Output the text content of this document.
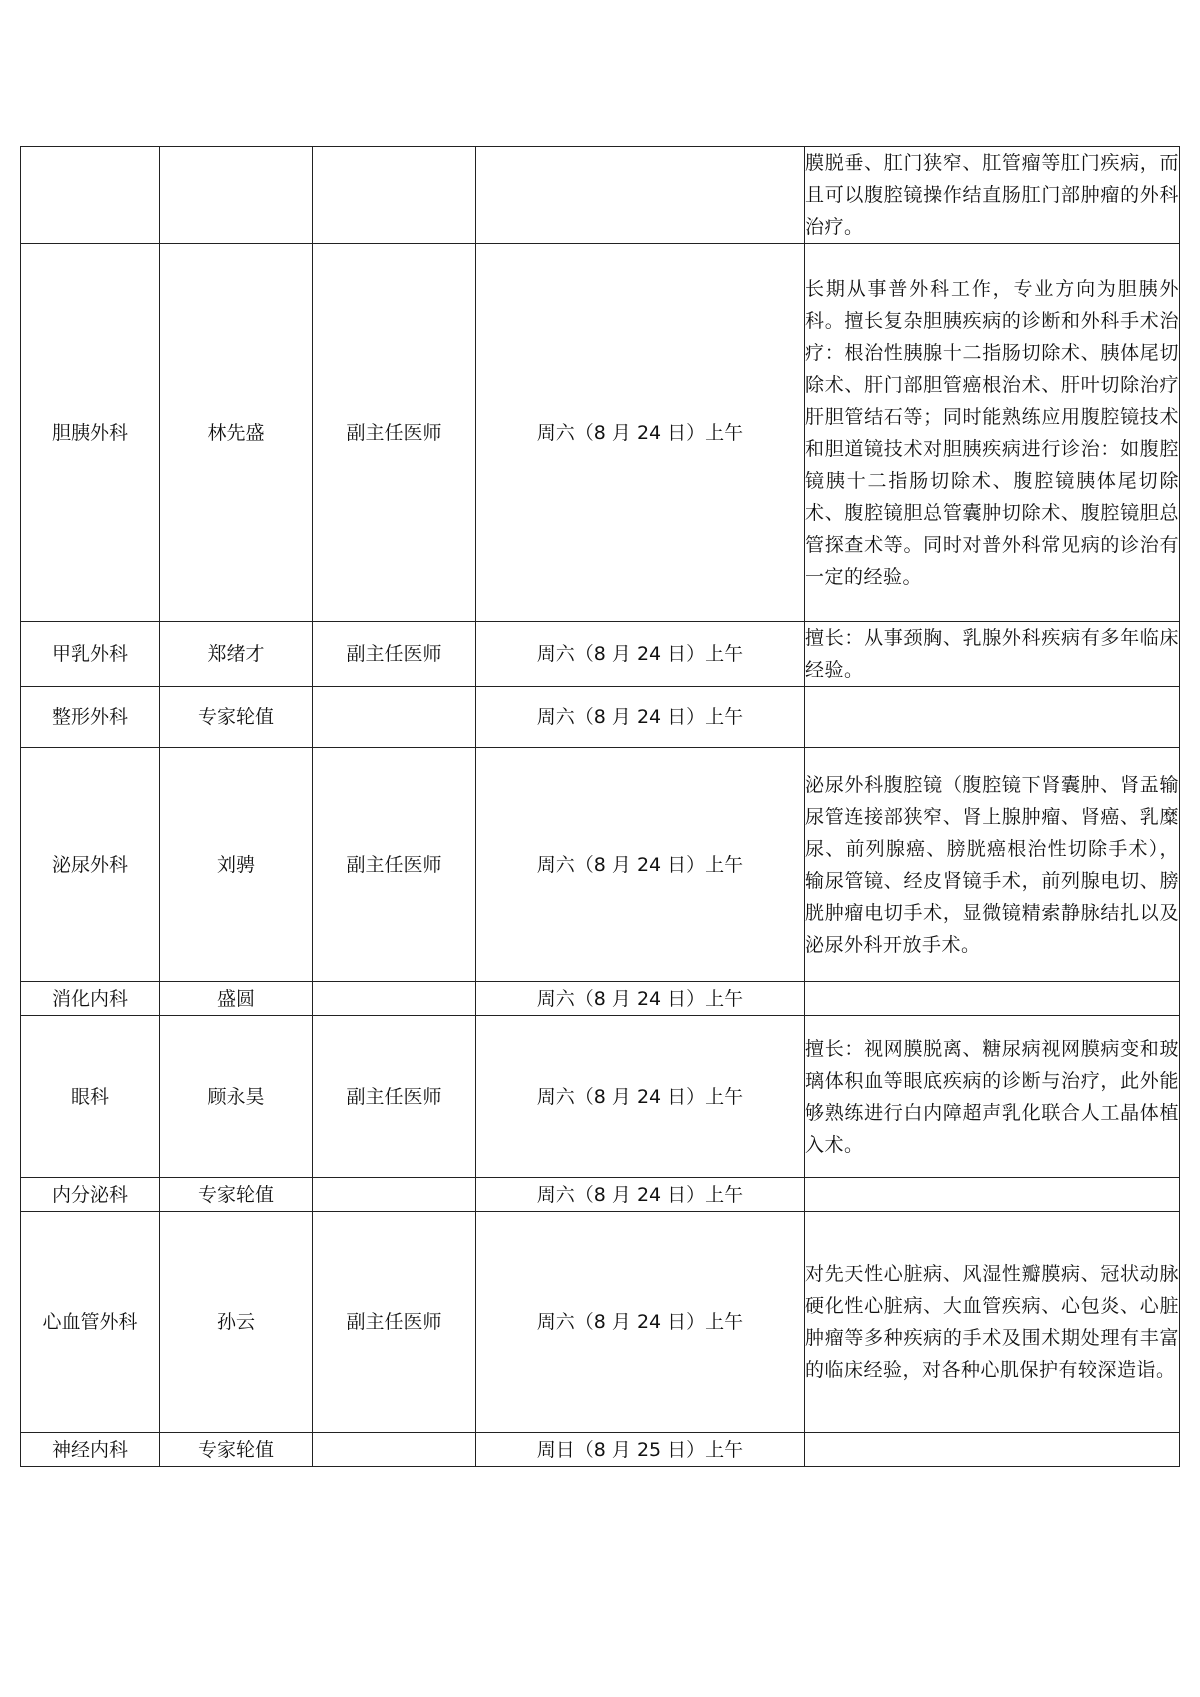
				膜脱垂、肛门狭窄、肛管瘤等肛门疾病，而且可以腹腔镜操作结直肠肛门部肿瘤的外科治疗。

胆胰外科	林先盛	副主任医师	周六（8 月 24 日）上午	长期从事普外科工作，专业方向为胆胰外科。擅长复杂胆胰疾病的诊断和外科手术治疗：根治性胰腺十二指肠切除术、胰体尾切除术、肝门部胆管癌根治术、肝叶切除治疗肝胆管结石等；同时能熟练应用腹腔镜技术和胆道镜技术对胆胰疾病进行诊治：如腹腔镜胰十二指肠切除术、腹腔镜胰体尾切除术、腹腔镜胆总管囊肿切除术、腹腔镜胆总管探查术等。同时对普外科常见病的诊治有一定的经验。

甲乳外科	郑绪才	副主任医师	周六（8 月 24 日）上午	擅长：从事颈胸、乳腺外科疾病有多年临床经验。

整形外科	专家轮值		周六（8 月 24 日）上午	

泌尿外科	刘骋	副主任医师	周六（8 月 24 日）上午	泌尿外科腹腔镜（腹腔镜下肾囊肿、肾盂输尿管连接部狭窄、肾上腺肿瘤、肾癌、乳糜尿、前列腺癌、膀胱癌根治性切除手术），输尿管镜、经皮肾镜手术，前列腺电切、膀胱肿瘤电切手术，显微镜精索静脉结扎以及泌尿外科开放手术。

消化内科	盛圆		周六（8 月 24 日）上午	

眼科	顾永昊	副主任医师	周六（8 月 24 日）上午	擅长：视网膜脱离、糖尿病视网膜病变和玻璃体积血等眼底疾病的诊断与治疗，此外能够熟练进行白内障超声乳化联合人工晶体植入术。

内分泌科	专家轮值		周六（8 月 24 日）上午	

心血管外科	孙云	副主任医师	周六（8 月 24 日）上午	对先天性心脏病、风湿性瓣膜病、冠状动脉硬化性心脏病、大血管疾病、心包炎、心脏肿瘤等多种疾病的手术及围术期处理有丰富的临床经验，对各种心肌保护有较深造诣。

神经内科	专家轮值		周日（8 月 25 日）上午	
